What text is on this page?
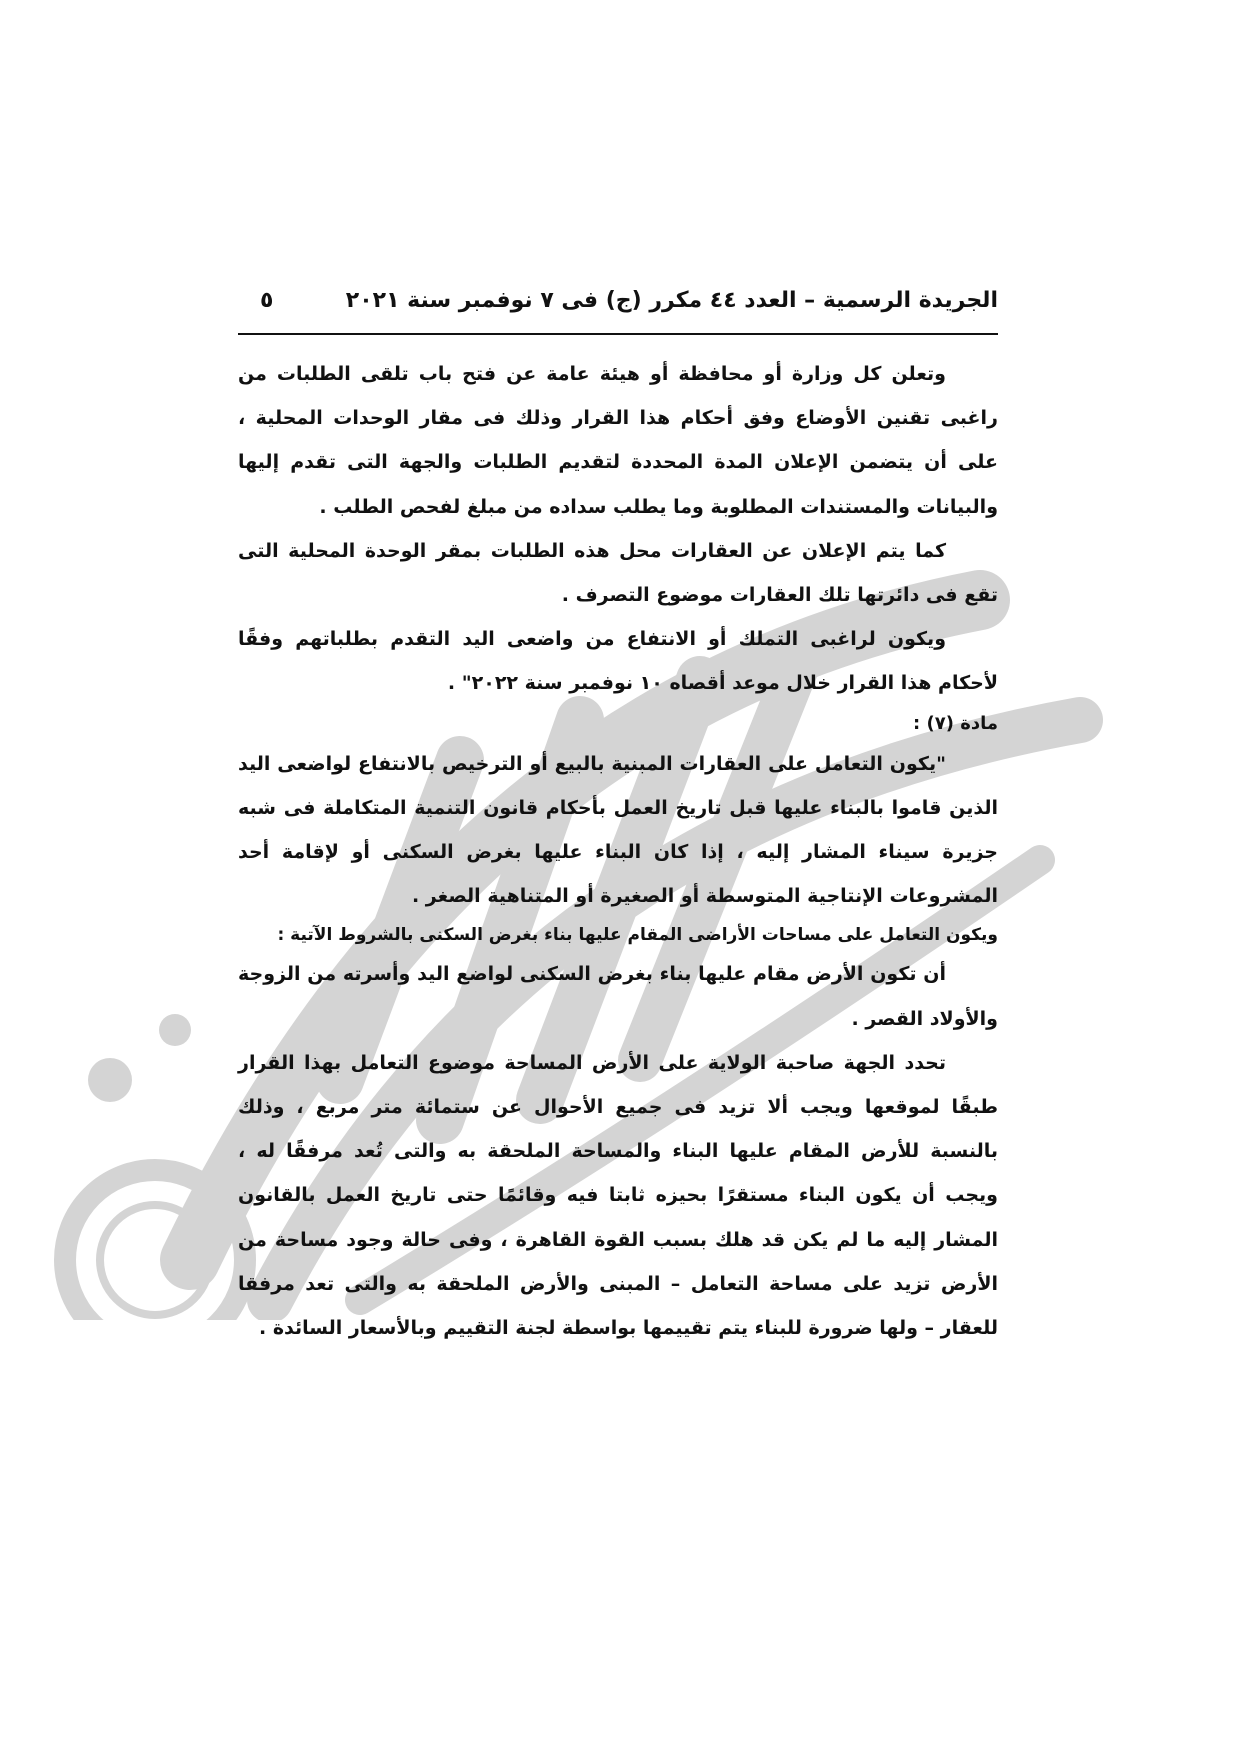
الجريدة الرسمية – العدد ٤٤ مكرر (ج) فى ٧ نوفمبر سنة ٢٠٢١
٥

وتعلن كل وزارة أو محافظة أو هيئة عامة عن فتح باب تلقى الطلبات من راغبى تقنين الأوضاع وفق أحكام هذا القرار وذلك فى مقار الوحدات المحلية ، على أن يتضمن الإعلان المدة المحددة لتقديم الطلبات والجهة التى تقدم إليها والبيانات والمستندات المطلوبة وما يطلب سداده من مبلغ لفحص الطلب .

كما يتم الإعلان عن العقارات محل هذه الطلبات بمقر الوحدة المحلية التى تقع فى دائرتها تلك العقارات موضوع التصرف .

ويكون لراغبى التملك أو الانتفاع من واضعى اليد التقدم بطلباتهم وفقًا لأحكام هذا القرار خلال موعد أقصاه ١٠ نوفمبر سنة ٢٠٢٢" .

مادة (٧) :

"يكون التعامل على العقارات المبنية بالبيع أو الترخيص بالانتفاع لواضعى اليد الذين قاموا بالبناء عليها قبل تاريخ العمل بأحكام قانون التنمية المتكاملة فى شبه جزيرة سيناء المشار إليه ، إذا كان البناء عليها بغرض السكنى أو لإقامة أحد المشروعات الإنتاجية المتوسطة أو الصغيرة أو المتناهية الصغر .

ويكون التعامل على مساحات الأراضى المقام عليها بناء بغرض السكنى بالشروط الآتية :

أن تكون الأرض مقام عليها بناء بغرض السكنى لواضع اليد وأسرته من الزوجة والأولاد القصر .

تحدد الجهة صاحبة الولاية على الأرض المساحة موضوع التعامل بهذا القرار طبقًا لموقعها ويجب ألا تزيد فى جميع الأحوال عن ستمائة متر مربع ، وذلك بالنسبة للأرض المقام عليها البناء والمساحة الملحقة به والتى تُعد مرفقًا له ، ويجب أن يكون البناء مستقرًا بحيزه ثابتا فيه وقائمًا حتى تاريخ العمل بالقانون المشار إليه ما لم يكن قد هلك بسبب القوة القاهرة ، وفى حالة وجود مساحة من الأرض تزيد على مساحة التعامل – المبنى والأرض الملحقة به والتى تعد مرفقا للعقار – ولها ضرورة للبناء يتم تقييمها بواسطة لجنة التقييم وبالأسعار السائدة .
